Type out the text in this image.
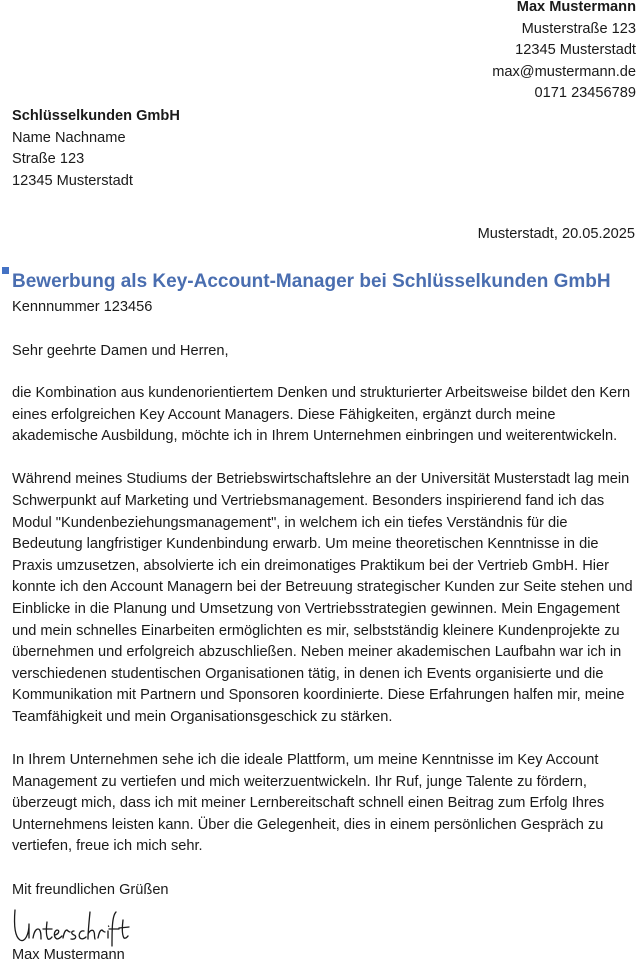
Max Mustermann
Musterstraße 123
12345 Musterstadt
max@mustermann.de
0171 23456789
Schlüsselkunden GmbH
Name Nachname
Straße 123
12345 Musterstadt
Musterstadt, 20.05.2025
Bewerbung als Key-Account-Manager bei Schlüsselkunden GmbH
Kennnummer 123456
Sehr geehrte Damen und Herren,

die Kombination aus kundenorientiertem Denken und strukturierter Arbeitsweise bildet den Kern eines erfolgreichen Key Account Managers. Diese Fähigkeiten, ergänzt durch meine akademische Ausbildung, möchte ich in Ihrem Unternehmen einbringen und weiterentwickeln.

Während meines Studiums der Betriebswirtschaftslehre an der Universität Musterstadt lag mein Schwerpunkt auf Marketing und Vertriebsmanagement. Besonders inspirierend fand ich das Modul "Kundenbeziehungsmanagement", in welchem ich ein tiefes Verständnis für die Bedeutung langfristiger Kundenbindung erwarb. Um meine theoretischen Kenntnisse in die Praxis umzusetzen, absolvierte ich ein dreimonatiges Praktikum bei der Vertrieb GmbH. Hier konnte ich den Account Managern bei der Betreuung strategischer Kunden zur Seite stehen und Einblicke in die Planung und Umsetzung von Vertriebsstrategien gewinnen. Mein Engagement und mein schnelles Einarbeiten ermöglichten es mir, selbstständig kleinere Kundenprojekte zu übernehmen und erfolgreich abzuschließen. Neben meiner akademischen Laufbahn war ich in verschiedenen studentischen Organisationen tätig, in denen ich Events organisierte und die Kommunikation mit Partnern und Sponsoren koordinierte. Diese Erfahrungen halfen mir, meine Teamfähigkeit und mein Organisationsgeschick zu stärken.

In Ihrem Unternehmen sehe ich die ideale Plattform, um meine Kenntnisse im Key Account Management zu vertiefen und mich weiterzuentwickeln. Ihr Ruf, junge Talente zu fördern, überzeugt mich, dass ich mit meiner Lernbereitschaft schnell einen Beitrag zum Erfolg Ihres Unternehmens leisten kann. Über die Gelegenheit, dies in einem persönlichen Gespräch zu vertiefen, freue ich mich sehr.

Mit freundlichen Grüßen
Max Mustermann
